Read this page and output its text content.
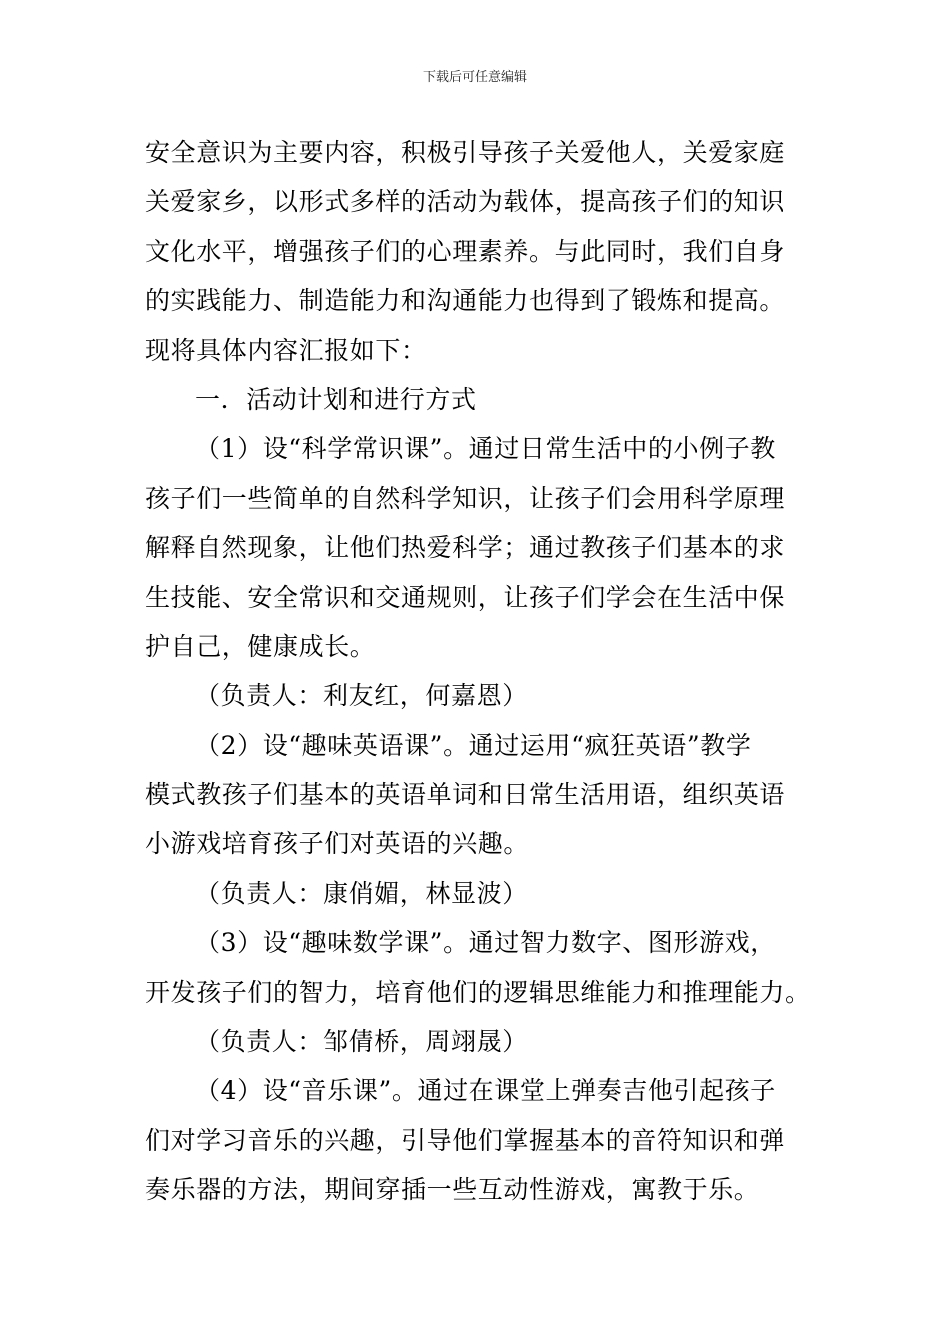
下载后可任意编辑
安全意识为主要内容，积极引导孩子关爱他人，关爱家庭
关爱家乡，以形式多样的活动为载体，提高孩子们的知识
文化水平，增强孩子们的心理素养。与此同时，我们自身
的实践能力、制造能力和沟通能力也得到了锻炼和提高。
现将具体内容汇报如下：
一．活动计划和进行方式
（1）设“科学常识课”。通过日常生活中的小例子教
孩子们一些简单的自然科学知识，让孩子们会用科学原理
解释自然现象，让他们热爱科学；通过教孩子们基本的求
生技能、安全常识和交通规则，让孩子们学会在生活中保
护自己，健康成长。
（负责人：利友红，何嘉恩）
（2）设“趣味英语课”。通过运用“疯狂英语”教学
模式教孩子们基本的英语单词和日常生活用语，组织英语
小游戏培育孩子们对英语的兴趣。
（负责人：康俏媚，林显波）
（3）设“趣味数学课”。通过智力数字、图形游戏，
开发孩子们的智力，培育他们的逻辑思维能力和推理能力。
（负责人：邹倩桥，周翊晟）
（4）设“音乐课”。通过在课堂上弹奏吉他引起孩子
们对学习音乐的兴趣，引导他们掌握基本的音符知识和弹
奏乐器的方法，期间穿插一些互动性游戏，寓教于乐。
